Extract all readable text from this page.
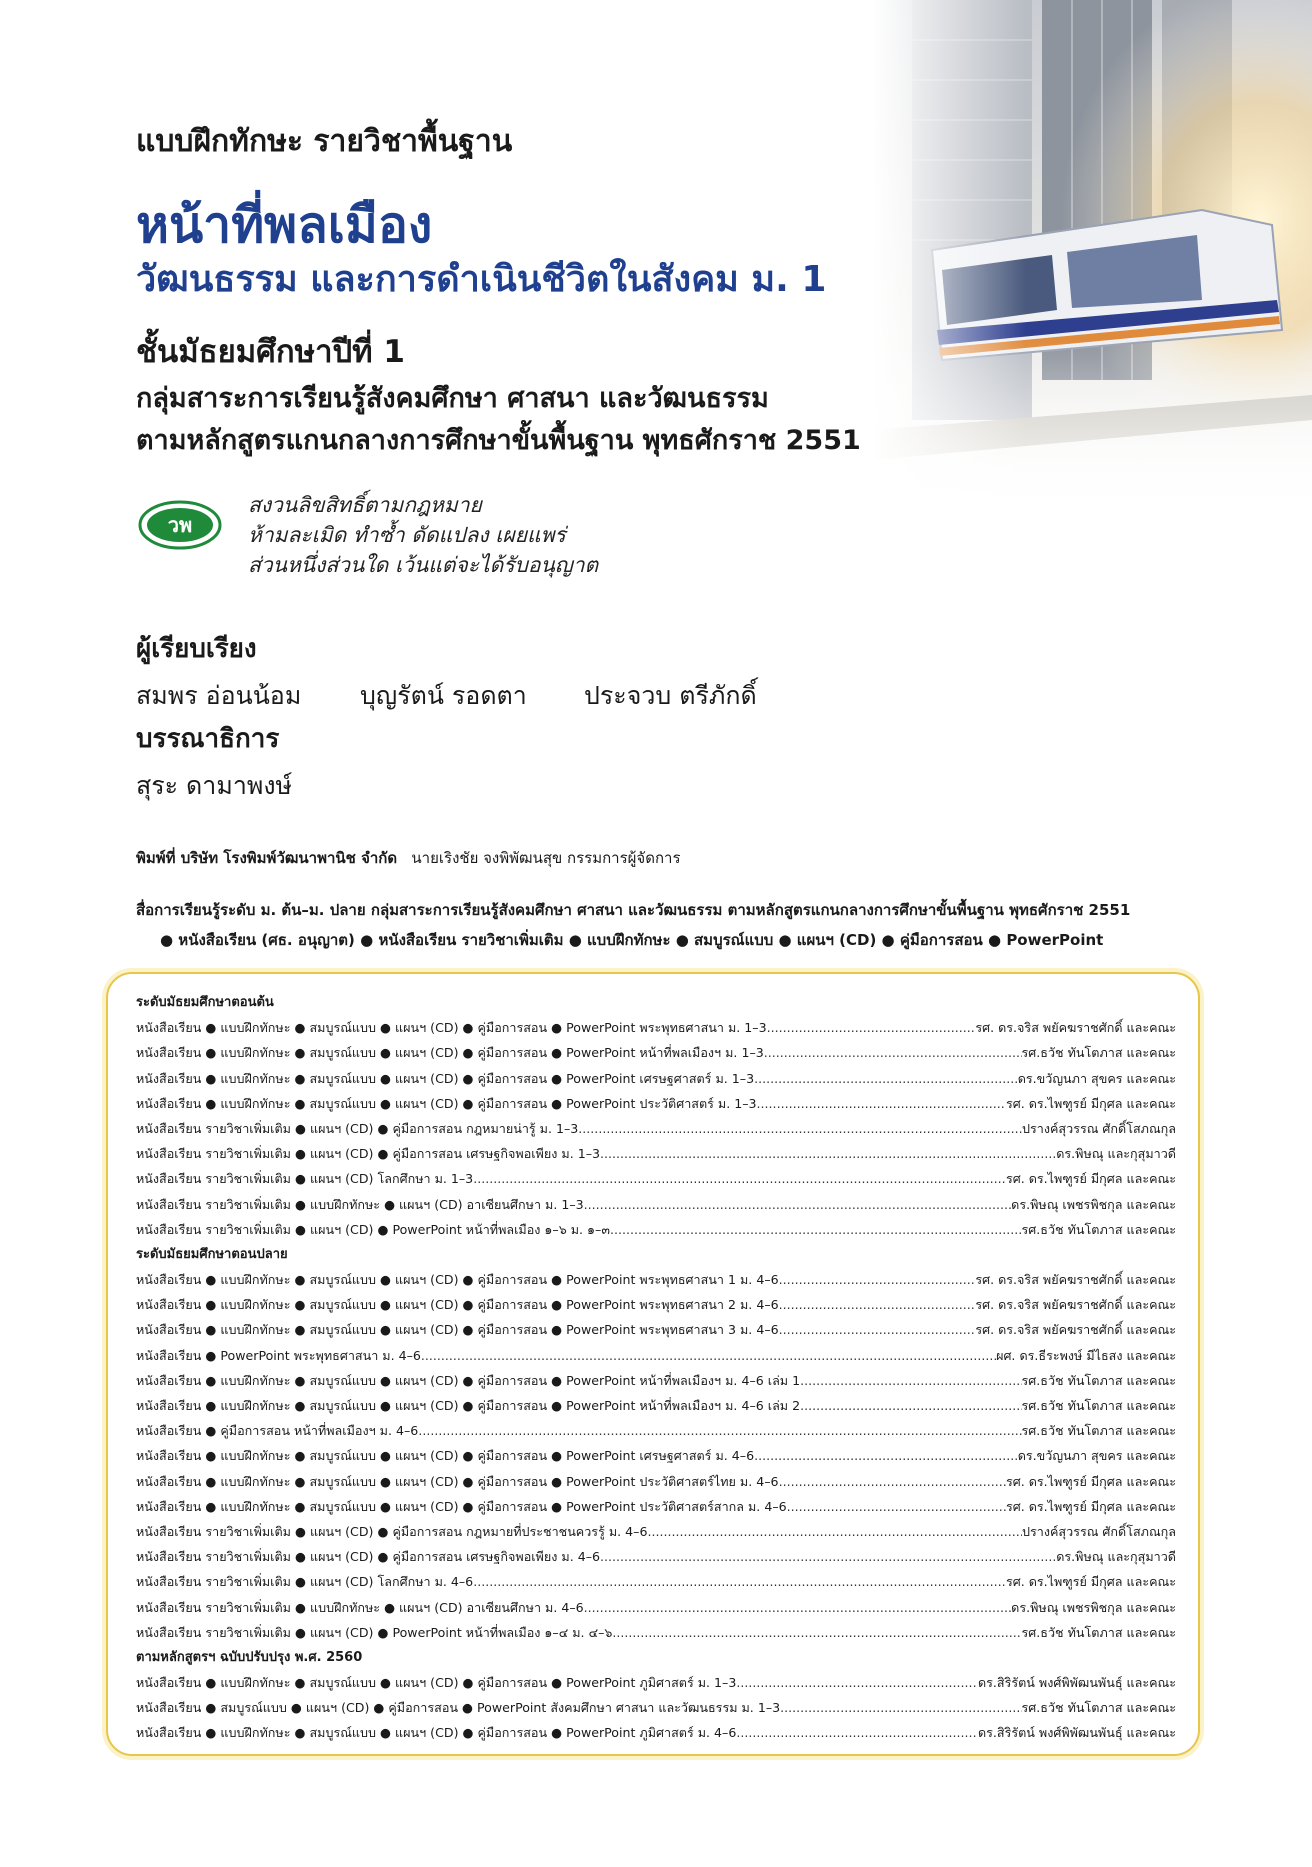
แบบฝึกทักษะ รายวิชาพื้นฐาน
หน้าที่พลเมือง
วัฒนธรรม และการดำเนินชีวิตในสังคม ม. 1
ชั้นมัธยมศึกษาปีที่ 1
กลุ่มสาระการเรียนรู้สังคมศึกษา ศาสนา และวัฒนธรรม
ตามหลักสูตรแกนกลางการศึกษาขั้นพื้นฐาน พุทธศักราช 2551
วพ
สงวนลิขสิทธิ์ตามกฎหมาย
ห้ามละเมิด ทำซ้ำ ดัดแปลง เผยแพร่
ส่วนหนึ่งส่วนใด เว้นแต่จะได้รับอนุญาต
ผู้เรียบเรียง
สมพร อ่อนน้อม บุญรัตน์ รอดตา ประจวบ ตรีภักดิ์
บรรณาธิการ
สุระ ดามาพงษ์
พิมพ์ที่ บริษัท โรงพิมพ์วัฒนาพานิช จำกัด นายเริงชัย จงพิพัฒนสุข กรรมการผู้จัดการ
สื่อการเรียนรู้ระดับ ม. ต้น–ม. ปลาย กลุ่มสาระการเรียนรู้สังคมศึกษา ศาสนา และวัฒนธรรม ตามหลักสูตรแกนกลางการศึกษาขั้นพื้นฐาน พุทธศักราช 2551
● หนังสือเรียน (ศธ. อนุญาต) ● หนังสือเรียน รายวิชาเพิ่มเติม ● แบบฝึกทักษะ ● สมบูรณ์แบบ ● แผนฯ (CD) ● คู่มือการสอน ● PowerPoint
ระดับมัธยมศึกษาตอนต้น
หนังสือเรียน ● แบบฝึกทักษะ ● สมบูรณ์แบบ ● แผนฯ (CD) ● คู่มือการสอน ● PowerPoint พระพุทธศาสนา ม. 1–3 .....	รศ. ดร.จริส พยัคฆราชศักดิ์ และคณะ
หนังสือเรียน ● แบบฝึกทักษะ ● สมบูรณ์แบบ ● แผนฯ (CD) ● คู่มือการสอน ● PowerPoint หน้าที่พลเมืองฯ ม. 1–3 .....	รศ.ธวัช ทันโตภาส และคณะ
หนังสือเรียน ● แบบฝึกทักษะ ● สมบูรณ์แบบ ● แผนฯ (CD) ● คู่มือการสอน ● PowerPoint เศรษฐศาสตร์ ม. 1–3 .....	ดร.ขวัญนภา สุขคร และคณะ
หนังสือเรียน ● แบบฝึกทักษะ ● สมบูรณ์แบบ ● แผนฯ (CD) ● คู่มือการสอน ● PowerPoint ประวัติศาสตร์ ม. 1–3 .....	รศ. ดร.ไพฑูรย์ มีกุศล และคณะ
หนังสือเรียน รายวิชาเพิ่มเติม ● แผนฯ (CD) ● คู่มือการสอน กฎหมายน่ารู้ ม. 1–3 .....	ปรางค์สุวรรณ ศักดิ์โสภณกุล
หนังสือเรียน รายวิชาเพิ่มเติม ● แผนฯ (CD) ● คู่มือการสอน เศรษฐกิจพอเพียง ม. 1–3 .....	ดร.พิษณุ และกุสุมาวดี
หนังสือเรียน รายวิชาเพิ่มเติม ● แผนฯ (CD) โลกศึกษา ม. 1–3 .....	รศ. ดร.ไพฑูรย์ มีกุศล และคณะ
หนังสือเรียน รายวิชาเพิ่มเติม ● แบบฝึกทักษะ ● แผนฯ (CD) อาเซียนศึกษา ม. 1–3 .....	ดร.พิษณุ เพชรพิชกุล และคณะ
หนังสือเรียน รายวิชาเพิ่มเติม ● แผนฯ (CD) ● PowerPoint หน้าที่พลเมือง ๑–๖ ม. ๑–๓ .....	รศ.ธวัช ทันโตภาส และคณะ
ระดับมัธยมศึกษาตอนปลาย
หนังสือเรียน ● แบบฝึกทักษะ ● สมบูรณ์แบบ ● แผนฯ (CD) ● คู่มือการสอน ● PowerPoint พระพุทธศาสนา 1 ม. 4–6 .....	รศ. ดร.จริส พยัคฆราชศักดิ์ และคณะ
หนังสือเรียน ● แบบฝึกทักษะ ● สมบูรณ์แบบ ● แผนฯ (CD) ● คู่มือการสอน ● PowerPoint พระพุทธศาสนา 2 ม. 4–6 .....	รศ. ดร.จริส พยัคฆราชศักดิ์ และคณะ
หนังสือเรียน ● แบบฝึกทักษะ ● สมบูรณ์แบบ ● แผนฯ (CD) ● คู่มือการสอน ● PowerPoint พระพุทธศาสนา 3 ม. 4–6 .....	รศ. ดร.จริส พยัคฆราชศักดิ์ และคณะ
หนังสือเรียน ● PowerPoint พระพุทธศาสนา ม. 4–6 .....	ผศ. ดร.ธีระพงษ์ มีไธสง และคณะ
หนังสือเรียน ● แบบฝึกทักษะ ● สมบูรณ์แบบ ● แผนฯ (CD) ● คู่มือการสอน ● PowerPoint หน้าที่พลเมืองฯ ม. 4–6 เล่ม 1 .....	รศ.ธวัช ทันโตภาส และคณะ
หนังสือเรียน ● แบบฝึกทักษะ ● สมบูรณ์แบบ ● แผนฯ (CD) ● คู่มือการสอน ● PowerPoint หน้าที่พลเมืองฯ ม. 4–6 เล่ม 2 .....	รศ.ธวัช ทันโตภาส และคณะ
หนังสือเรียน ● คู่มือการสอน หน้าที่พลเมืองฯ ม. 4–6 .....	รศ.ธวัช ทันโตภาส และคณะ
หนังสือเรียน ● แบบฝึกทักษะ ● สมบูรณ์แบบ ● แผนฯ (CD) ● คู่มือการสอน ● PowerPoint เศรษฐศาสตร์ ม. 4–6 .....	ดร.ขวัญนภา สุขคร และคณะ
หนังสือเรียน ● แบบฝึกทักษะ ● สมบูรณ์แบบ ● แผนฯ (CD) ● คู่มือการสอน ● PowerPoint ประวัติศาสตร์ไทย ม. 4–6 .....	รศ. ดร.ไพฑูรย์ มีกุศล และคณะ
หนังสือเรียน ● แบบฝึกทักษะ ● สมบูรณ์แบบ ● แผนฯ (CD) ● คู่มือการสอน ● PowerPoint ประวัติศาสตร์สากล ม. 4–6 .....	รศ. ดร.ไพฑูรย์ มีกุศล และคณะ
หนังสือเรียน รายวิชาเพิ่มเติม ● แผนฯ (CD) ● คู่มือการสอน กฎหมายที่ประชาชนควรรู้ ม. 4–6 .....	ปรางค์สุวรรณ ศักดิ์โสภณกุล
หนังสือเรียน รายวิชาเพิ่มเติม ● แผนฯ (CD) ● คู่มือการสอน เศรษฐกิจพอเพียง ม. 4–6 .....	ดร.พิษณุ และกุสุมาวดี
หนังสือเรียน รายวิชาเพิ่มเติม ● แผนฯ (CD) โลกศึกษา ม. 4–6 .....	รศ. ดร.ไพฑูรย์ มีกุศล และคณะ
หนังสือเรียน รายวิชาเพิ่มเติม ● แบบฝึกทักษะ ● แผนฯ (CD) อาเซียนศึกษา ม. 4–6 .....	ดร.พิษณุ เพชรพิชกุล และคณะ
หนังสือเรียน รายวิชาเพิ่มเติม ● แผนฯ (CD) ● PowerPoint หน้าที่พลเมือง ๑–๔ ม. ๔–๖ .....	รศ.ธวัช ทันโตภาส และคณะ
ตามหลักสูตรฯ ฉบับปรับปรุง พ.ศ. 2560
หนังสือเรียน ● แบบฝึกทักษะ ● สมบูรณ์แบบ ● แผนฯ (CD) ● คู่มือการสอน ● PowerPoint ภูมิศาสตร์ ม. 1–3 .....	ดร.สิริรัตน์ พงศ์พิพัฒนพันธุ์ และคณะ
หนังสือเรียน ● สมบูรณ์แบบ ● แผนฯ (CD) ● คู่มือการสอน ● PowerPoint สังคมศึกษา ศาสนา และวัฒนธรรม ม. 1–3 .....	รศ.ธวัช ทันโตภาส และคณะ
หนังสือเรียน ● แบบฝึกทักษะ ● สมบูรณ์แบบ ● แผนฯ (CD) ● คู่มือการสอน ● PowerPoint ภูมิศาสตร์ ม. 4–6 .....	ดร.สิริรัตน์ พงศ์พิพัฒนพันธุ์ และคณะ
